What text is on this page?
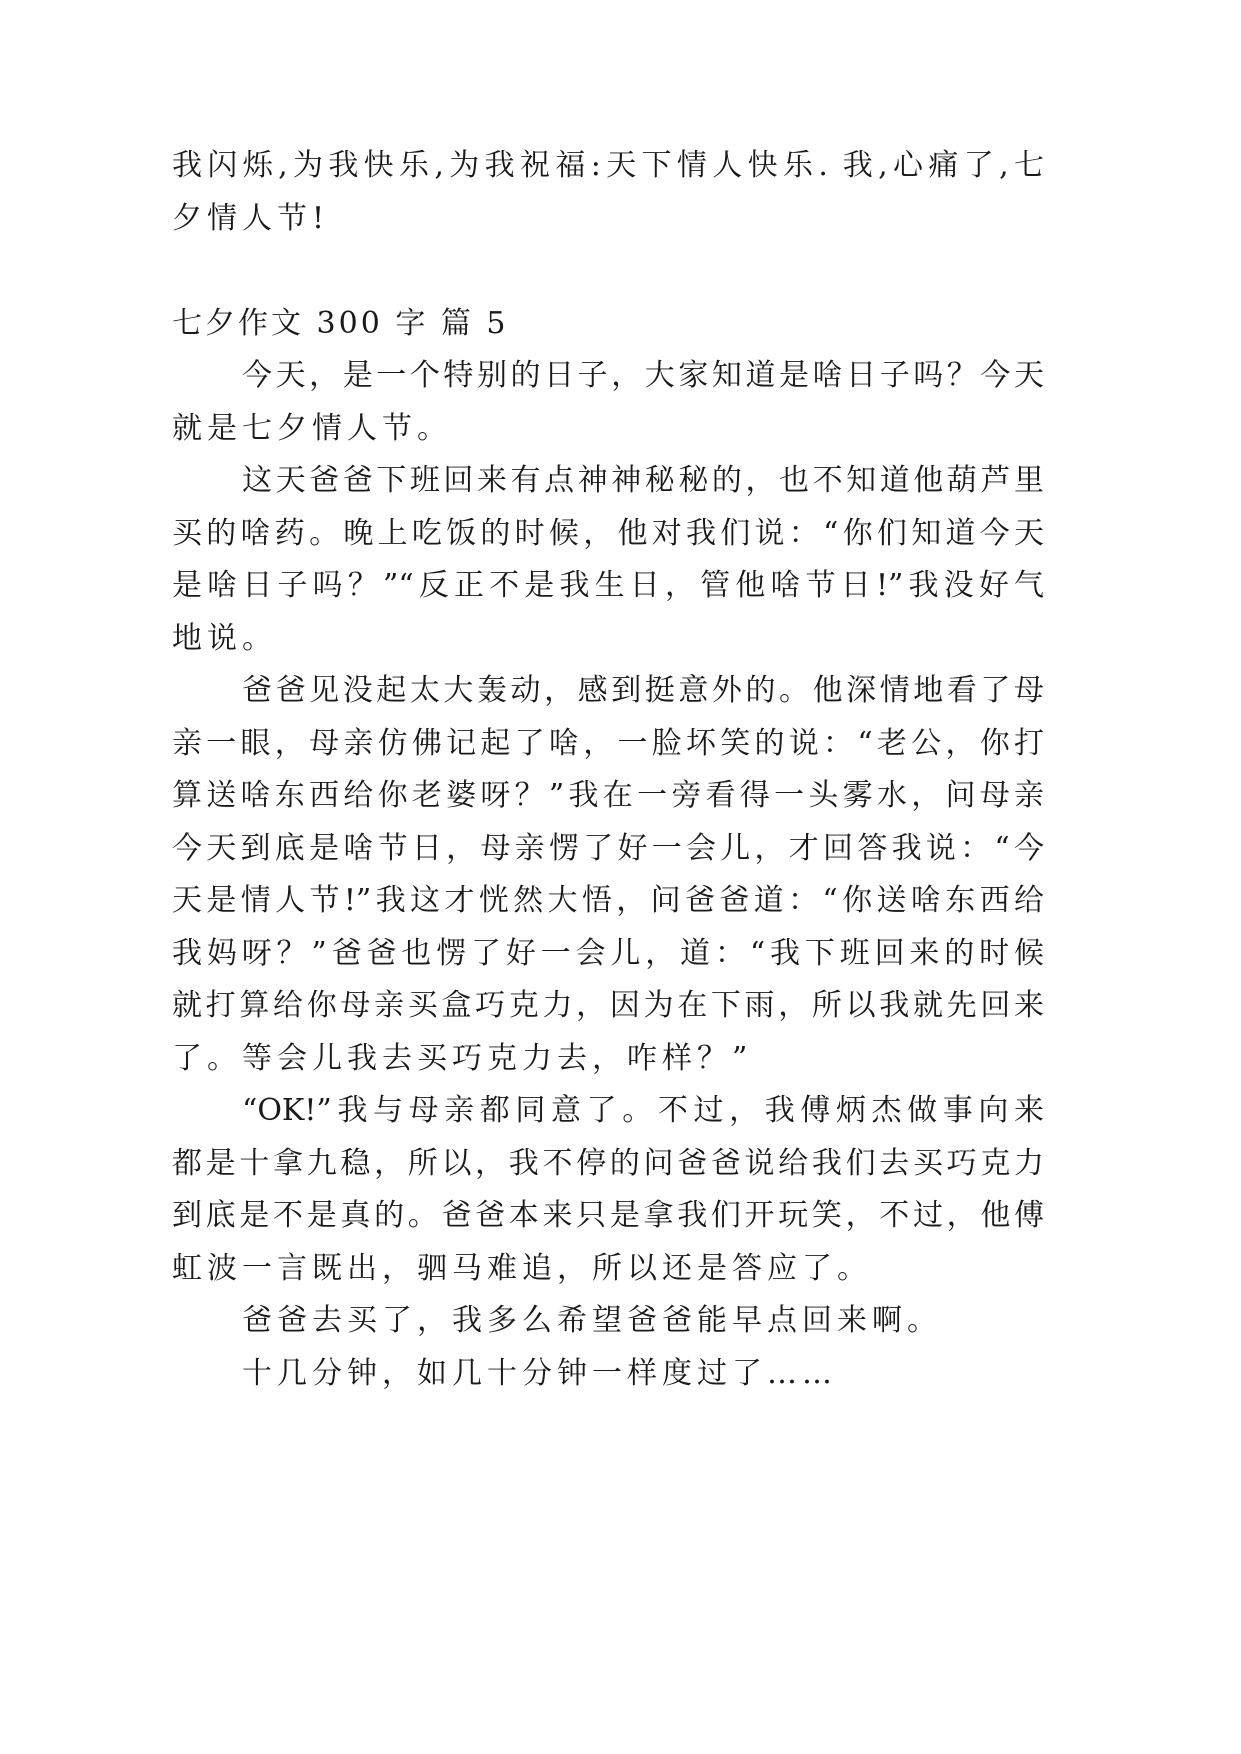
我闪烁,为我快乐,为我祝福:天下情人快乐. 我,心痛了,七
夕情人节!
七夕作文 300 字 篇 5
今天，是一个特别的日子，大家知道是啥日子吗？今天
就是七夕情人节。
这天爸爸下班回来有点神神秘秘的，也不知道他葫芦里
买的啥药。晚上吃饭的时候，他对我们说：“你们知道今天
是啥日子吗？”“反正不是我生日，管他啥节日!”我没好气
地说。
爸爸见没起太大轰动，感到挺意外的。他深情地看了母
亲一眼，母亲仿佛记起了啥，一脸坏笑的说：“老公，你打
算送啥东西给你老婆呀？”我在一旁看得一头雾水，问母亲
今天到底是啥节日，母亲愣了好一会儿，才回答我说：“今
天是情人节!”我这才恍然大悟，问爸爸道：“你送啥东西给
我妈呀？”爸爸也愣了好一会儿，道：“我下班回来的时候
就打算给你母亲买盒巧克力，因为在下雨，所以我就先回来
了。等会儿我去买巧克力去，咋样？”
“OK!”我与母亲都同意了。不过，我傅炳杰做事向来
都是十拿九稳，所以，我不停的问爸爸说给我们去买巧克力
到底是不是真的。爸爸本来只是拿我们开玩笑，不过，他傅
虹波一言既出，驷马难追，所以还是答应了。
爸爸去买了，我多么希望爸爸能早点回来啊。
十几分钟，如几十分钟一样度过了……
